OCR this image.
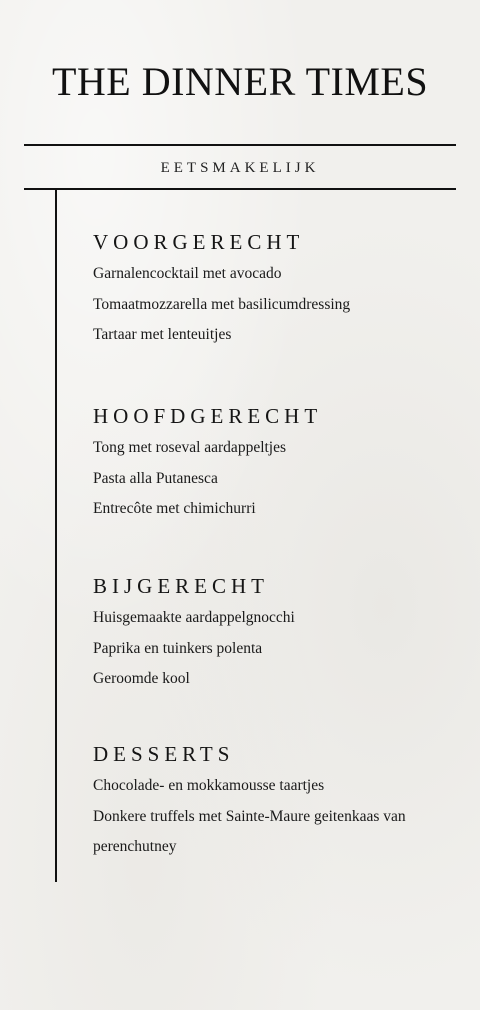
THE DINNER TIMES
EETSMAKELIJK
VOORGERECHT
Garnalencocktail met avocado
Tomaatmozzarella met basilicumdressing
Tartaar met lenteuitjes
HOOFDGERECHT
Tong met roseval aardappeltjes
Pasta alla Putanesca
Entrecôte met chimichurri
BIJGERECHT
Huisgemaakte aardappelgnocchi
Paprika en tuinkers polenta
Geroomde kool
DESSERTS
Chocolade- en mokkamousse taartjes
Donkere truffels met Sainte-Maure geitenkaas van perenchutney
